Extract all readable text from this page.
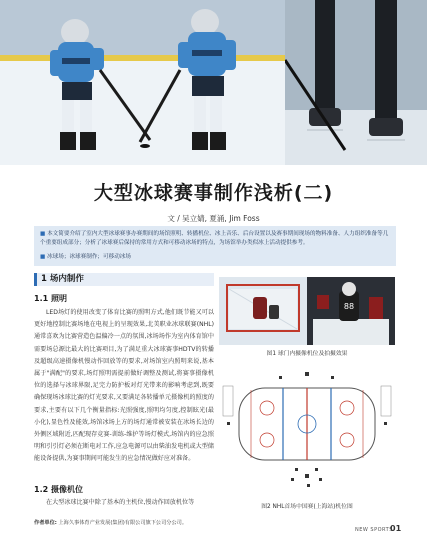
大型冰球赛事制作浅析(二)
文 / 吴立婧, 夏涌, Jim Foss
■ 本文简要介绍了室内大型冰球赛事办赛期间的场馆照明、转播机位、冰上音乐、后台设置以及赛事期间现场的物料准备、人力组织准备等几个重要组成部分；分析了冰球赛后保持的常用方式和可移动冰场的特点，为场馆举办类似冰上活动提供参考。
■ 冰球场；冰球赛制作；可移动冰场
1 场内制作
1.1 照明
LED场灯的使用改变了体育比赛的照明方式,他们既节能又可以更好地控制比赛场地在电视上的呈现效果,北美职业冰球联赛(NHL)通常喜欢为比赛营造色温偏冷一点的氛围,冰场场作为室内体育馆中需要场总源比最大的比赛项目,为了满足重大冰球赛事HDTV的转播及超级高速摄像机慢动作回放等的要求,对场馆室内照明来说,基本属于"满配"的要求,场灯照明需提前做好调整及测试,将赛事摄像机位的选择与冰球界限,足完力防护板对灯光带来的影响考虑到,既要确保现场冰球比赛的灯光要求,又要满足各转播单元摄像机的照度的要求,主要有以下几个衡量指标:光照强度,照明均匀度,控制眩光(最小化),显色性及能效,场馆冰场上方的场灯通常被安装在冰场长边的外侧区域附近,匹配现存竞赛-训练-维护等场灯模式,场馆内的应急照明和引引灯必须在断电对工作,应急电源可以由柴油发电机或大型储能设备提供,为赛事期间可能发生的应急情况做好应对准备。
1.2 摄像机位
在大型冰球比赛中除了基本的主机位,慢动作回放机位等
88
图1 球门内摄像机位及拍摄效果
图2 NHL首场中国赛(上海站)机位图
作者单位: 上海久事体育产业发展(集团)有限公司旗下公司分公司。
NEW SPORTS
01
